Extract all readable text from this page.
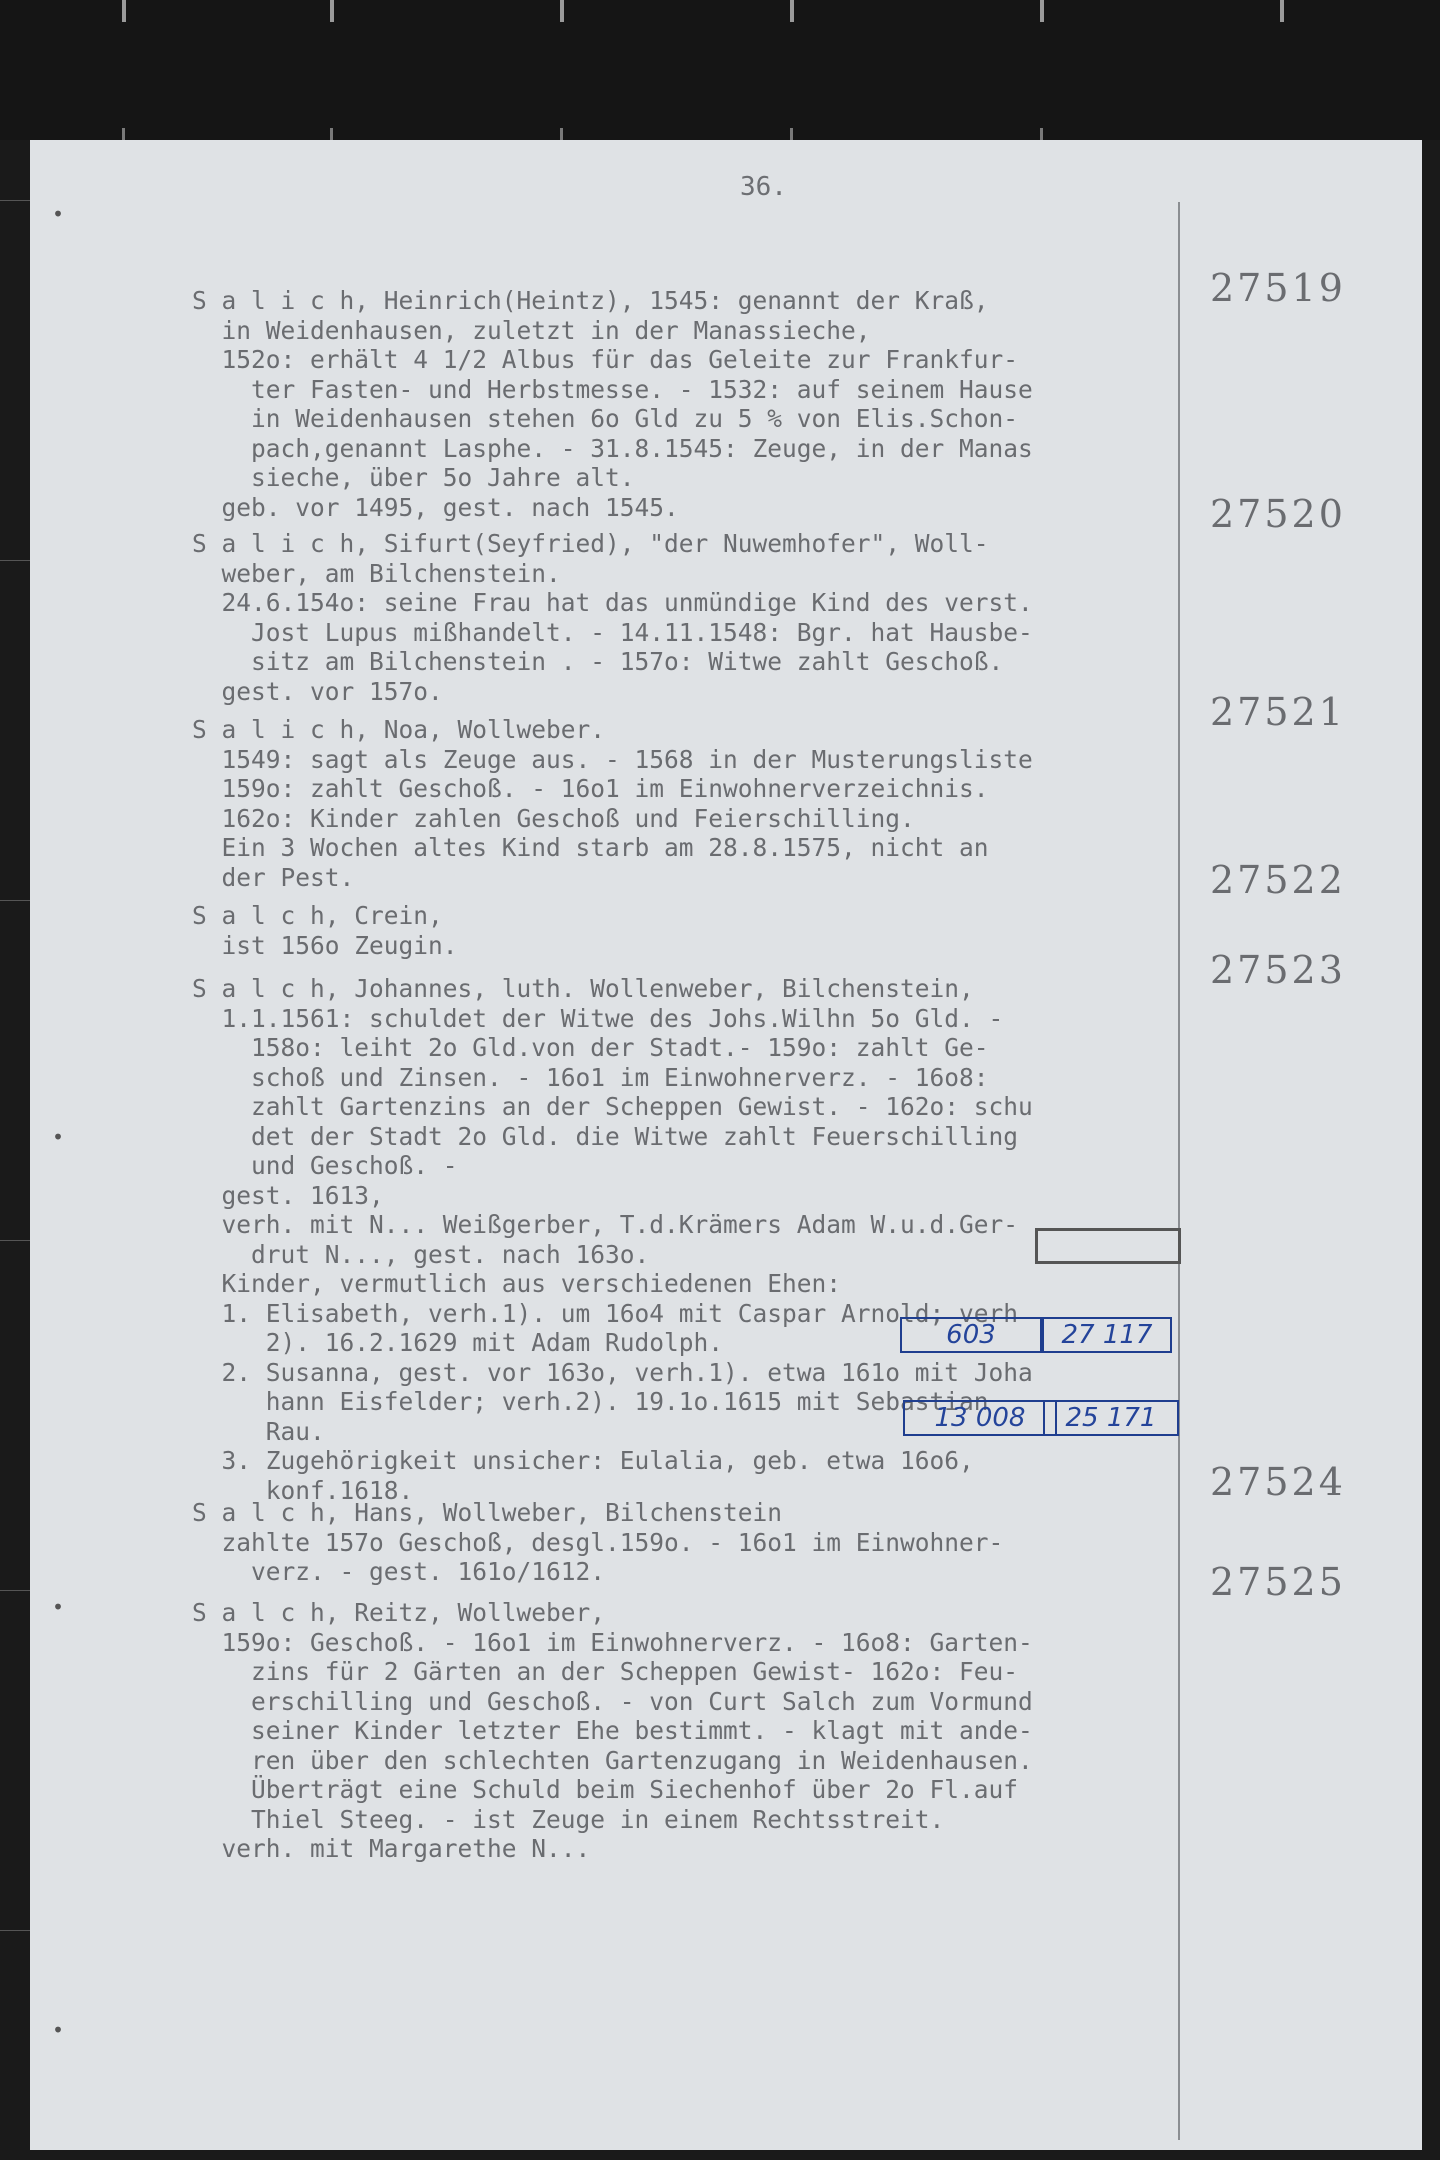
36.
•
•
•
•
S a l i c h, Heinrich(Heintz), 1545: genannt der Kraß,
in Weidenhausen, zuletzt in der Manassieche,
152o: erhält 4 1/2 Albus für das Geleite zur Frankfur-
ter Fasten- und Herbstmesse. - 1532: auf seinem Hause
in Weidenhausen stehen 6o Gld zu 5 % von Elis.Schon-
pach,genannt Lasphe. - 31.8.1545: Zeuge, in der Manas
sieche, über 5o Jahre alt.
geb. vor 1495, gest. nach 1545.
27519
S a l i c h, Sifurt(Seyfried), "der Nuwemhofer", Woll-
weber, am Bilchenstein.
24.6.154o: seine Frau hat das unmündige Kind des verst.
Jost Lupus mißhandelt. - 14.11.1548: Bgr. hat Hausbe-
sitz am Bilchenstein . - 157o: Witwe zahlt Geschoß.
gest. vor 157o.
27520
S a l i c h, Noa, Wollweber.
1549: sagt als Zeuge aus. - 1568 in der Musterungsliste
159o: zahlt Geschoß. - 16o1 im Einwohnerverzeichnis.
162o: Kinder zahlen Geschoß und Feierschilling.
Ein 3 Wochen altes Kind starb am 28.8.1575, nicht an
der Pest.
27521
S a l c h, Crein,
ist 156o Zeugin.
27522
S a l c h, Johannes, luth. Wollenweber, Bilchenstein,
1.1.1561: schuldet der Witwe des Johs.Wilhn 5o Gld. -
158o: leiht 2o Gld.von der Stadt.- 159o: zahlt Ge-
schoß und Zinsen. - 16o1 im Einwohnerverz. - 16o8:
zahlt Gartenzins an der Scheppen Gewist. - 162o: schu
det der Stadt 2o Gld. die Witwe zahlt Feuerschilling
und Geschoß. -
gest. 1613,
verh. mit N... Weißgerber, T.d.Krämers Adam W.u.d.Ger-
drut N..., gest. nach 163o.
Kinder, vermutlich aus verschiedenen Ehen:
1. Elisabeth, verh.1). um 16o4 mit Caspar Arnold; verh
2). 16.2.1629 mit Adam Rudolph.
2. Susanna, gest. vor 163o, verh.1). etwa 161o mit Joha
hann Eisfelder; verh.2). 19.1o.1615 mit Sebastian
Rau.
3. Zugehörigkeit unsicher: Eulalia, geb. etwa 16o6,
konf.1618.
27523
603	27 117
13 008	25 171
S a l c h, Hans, Wollweber, Bilchenstein
zahlte 157o Geschoß, desgl.159o. - 16o1 im Einwohner-
verz. - gest. 161o/1612.
27524
S a l c h, Reitz, Wollweber,
159o: Geschoß. - 16o1 im Einwohnerverz. - 16o8: Garten-
zins für 2 Gärten an der Scheppen Gewist- 162o: Feu-
erschilling und Geschoß. - von Curt Salch zum Vormund
seiner Kinder letzter Ehe bestimmt. - klagt mit ande-
ren über den schlechten Gartenzugang in Weidenhausen.
Überträgt eine Schuld beim Siechenhof über 2o Fl.auf
Thiel Steeg. - ist Zeuge in einem Rechtsstreit.
verh. mit Margarethe N...
27525
